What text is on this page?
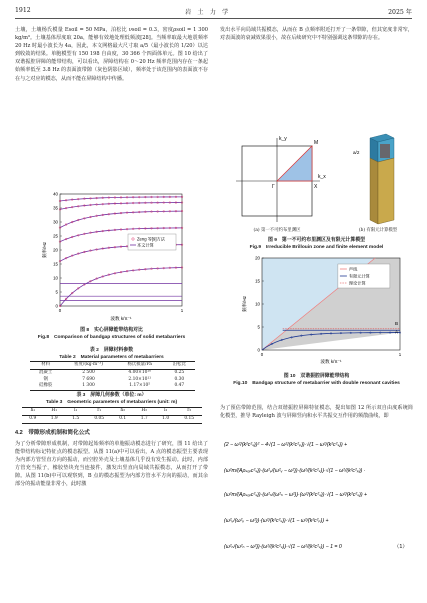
1912	岩　土　力　学	2025 年
土壤，土壤杨氏模量 Esoil = 50 MPa，泊松比 νsoil = 0.3，密度ρsoil = 1 300 kg/m³。土壤基体厚度取 20a，能够有效地处理低频波[28]。当频率取最大地震频率 20 Hz 时最小波长为 4a，因此，本文网格最大尺寸取 a/5（最小波长的 1/20）以达到收敛的结果。单胞模型有 150 198 自由度，30 366 个四面体单元。图 10 给出了双谐振腔屏障的能带结构，可以看出，屏障结构在 0～20 Hz 频率范围内存在一条起始频率低至 3.8 Hz 的表面波带隙（灰色阴影区域），频率处于该范围内的表面波不存在与之对应的模态，从而不能在屏障结构中传播。
0
5
10
15
20
25
30
35
40
0	1
波数 k/π⁻¹
频率/Hz
Zeng 等[9]方法
本文计算
图 8　实心屏障能带结构对比
Fig.8　Comparison of bandgap structures of solid metabarriers
表 2　屏障材料参数
Table 2　Material parameters of metabarriers
材料	密度/(kg·m⁻³)	杨氏模量/Pa	泊松比
混凝土	2 500	4.00×10¹⁰	0.25
钢	7 690	2.10×10¹¹	0.30
硅橡胶	1 300	1.17×10⁵	0.47
表 3　屏障几何参数（单位: m）
Table 3　Geometric parameters of metabarriers (unit: m)
h₁	H₁	l₁	r₁	h₂	H₂	l₂	r₂
0.9	1.9	1.5	0.05	0.1	1.7	1.0	0.15
4.2　带隙形成机制和简化公式
为了分析带隙形成机制，对带隙起始频率的单胞振动模态进行了研究，图 11 给出了能带结构标记特征点的模态振型。从图 11(a)中可以看出，A 点的模态振型主要表现为内部方管竖直方向的振动，而空腔外壳及土壤基体几乎没有发生振动。此时，内部方管充当振子，橡胶垫块充当连接件，激发出竖直向局域共振模态，从而打开了带隙。从图 11(b)中可以观察到，B 点的模态振型为内部方管水平方向的振动，而其余部分的振动能量非常小，此时激
发出水平向局域共振模态，从而在 B 点频率附近打开了一条带隙，但其宽度非常窄，对表面波的衰减效果很小，故在后续研究中不特别强调这条带隙的存在。
k_y
k_x
Γ	X
M
(a) 第一不可约布里渊区
a/2
(b) 有限元计算模型
图 9　第一不可约布里渊区及有限元计算模型
Fig.9　Irreducible Brillouin zone and finite element model
0
5
10
15
20
0	1
波数 k/π⁻¹
频率/Hz
A
B
声线
有限元计算
理论计算
图 10　双谐振腔屏障能带结构
Fig.10　Bandgap structure of metabarrier with double resonant cavities
为了预估带隙范围，结合双谐振腔屏障特征模态，提出如图 12 所示双自由度系统简化模型，推导 Rayleigh 波与屏障竖向和水平共振交互作用的频散曲线，即
(2 − ω²/(k²c²ₛ))² − 4√(1 − ω²/(k²c²ₚ))·√(1 − ω²/(k²c²ₛ)) +
(ω²m/(Aρₛₒᵢₗc²ₛ))·(ω²ᵥ/(ω²ᵥ − ω²))·(ω²/(k²c²ₛ))·√(1 − ω²/(k²c²ₚ)) ·
(ω²m/(Aρₛₒᵢₗc²ₛ))·(ω²ₕ/(ω²ₕ − ω²))·(ω²/(k²c²ₛ))·√(1 − ω²/(k²c²ₛ)) +
(ω²ᵥ/(ω²ᵥ − ω²))·(ω²/(k²c²ₛ))·√(1 − ω²/(k²c²ₚ)) +
(ω²ₕ/(ω²ₕ − ω²))·(ω²/(k²c²ₛ))·√(1 − ω²/(k²c²ₛ)) − 1 = 0	（1）
